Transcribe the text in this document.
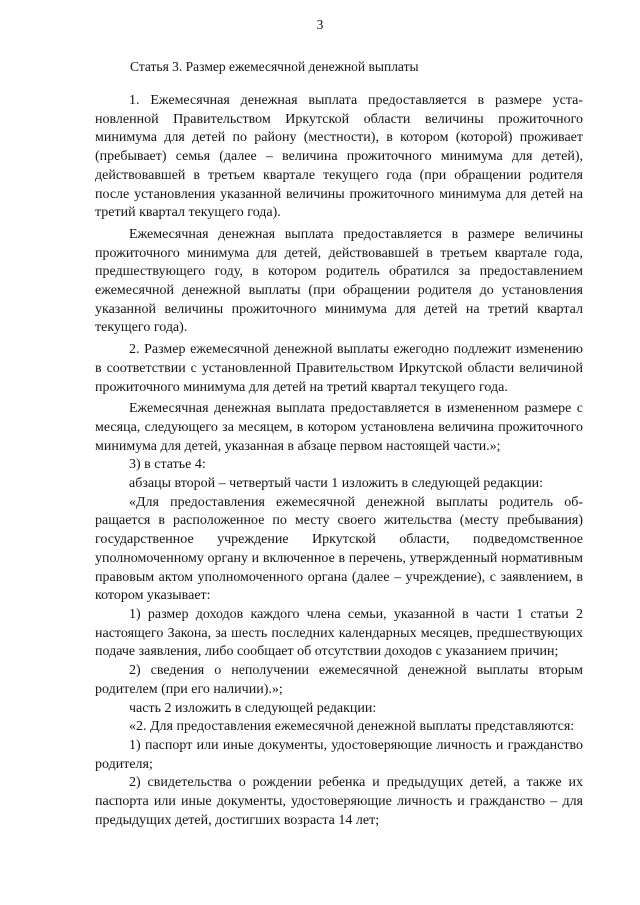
3
Статья 3. Размер ежемесячной денежной выплаты

1. Ежемесячная денежная выплата предоставляется в размере установленной Правительством Иркутской области величины прожиточного минимума для детей по району (местности), в котором (которой) проживает (пребывает) семья (далее – величина прожиточного минимума для детей), действовавшей в третьем квартале текущего года (при обращении родителя после установления указанной величины прожиточного минимума для детей на третий квартал текущего года).

Ежемесячная денежная выплата предоставляется в размере величины прожиточного минимума для детей, действовавшей в третьем квартале года, предшествующего году, в котором родитель обратился за предоставлением ежемесячной денежной выплаты (при обращении родителя до установления указанной величины прожиточного минимума для детей на третий квартал текущего года).

2. Размер ежемесячной денежной выплаты ежегодно подлежит изменению в соответствии с установленной Правительством Иркутской области величиной прожиточного минимума для детей на третий квартал текущего года.

Ежемесячная денежная выплата предоставляется в измененном размере с месяца, следующего за месяцем, в котором установлена величина прожиточного минимума для детей, указанная в абзаце первом настоящей части.»;

3) в статье 4:

абзацы второй – четвертый части 1 изложить в следующей редакции:

«Для предоставления ежемесячной денежной выплаты родитель обращается в расположенное по месту своего жительства (месту пребывания) государственное учреждение Иркутской области, подведомственное уполномоченному органу и включенное в перечень, утвержденный нормативным правовым актом уполномоченного органа (далее – учреждение), с заявлением, в котором указывает:

1) размер доходов каждого члена семьи, указанной в части 1 статьи 2 настоящего Закона, за шесть последних календарных месяцев, предшествующих подаче заявления, либо сообщает об отсутствии доходов с указанием причин;

2) сведения о неполучении ежемесячной денежной выплаты вторым родителем (при его наличии).»;

часть 2 изложить в следующей редакции:

«2. Для предоставления ежемесячной денежной выплаты представляются:

1) паспорт или иные документы, удостоверяющие личность и гражданство родителя;

2) свидетельства о рождении ребенка и предыдущих детей, а также их паспорта или иные документы, удостоверяющие личность и гражданство – для предыдущих детей, достигших возраста 14 лет;
